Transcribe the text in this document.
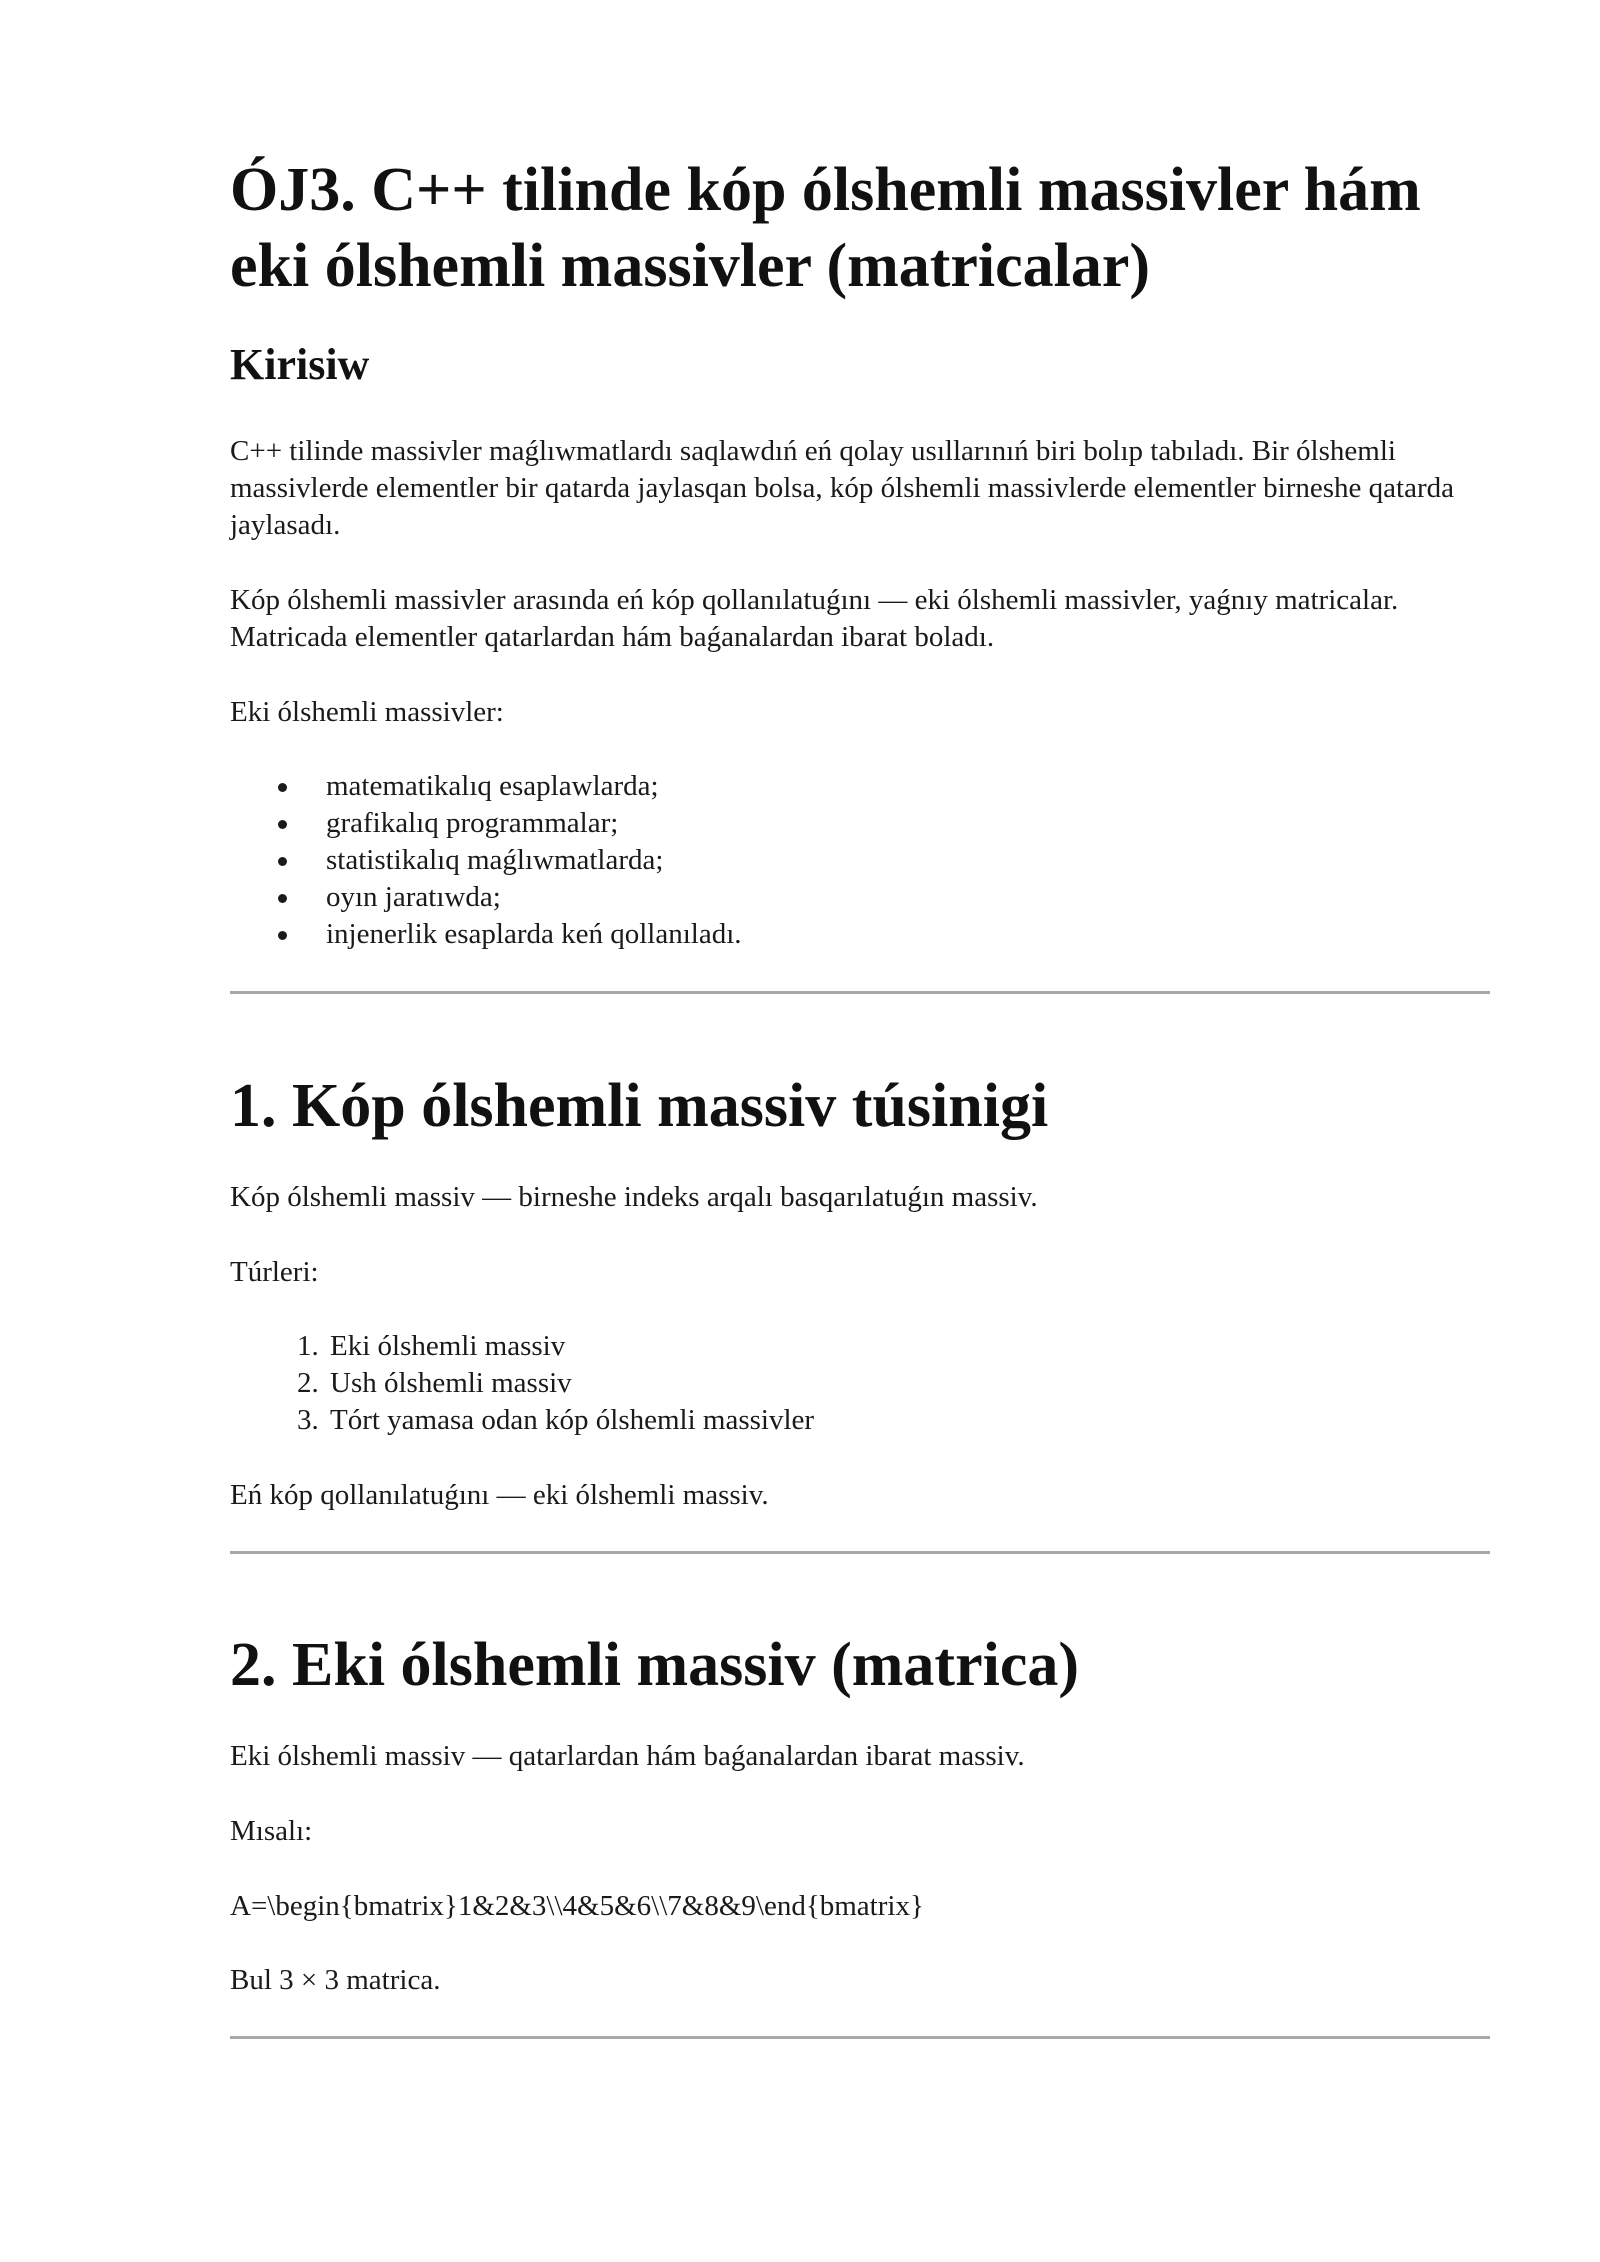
ÓJ3. C++ tilinde kóp ólshemli massivler hám eki ólshemli massivler (matricalar)
Kirisiw

C++ tilinde massivler maǵlıwmatlardı saqlawdıń eń qolay usıllarınıń biri bolıp tabıladı. Bir ólshemli massivlerde elementler bir qatarda jaylasqan bolsa, kóp ólshemli massivlerde elementler birneshe qatarda jaylasadı.

Kóp ólshemli massivler arasında eń kóp qollanılatuǵını — eki ólshemli massivler, yaǵnıy matricalar. Matricada elementler qatarlardan hám baǵanalardan ibarat boladı.

Eki ólshemli massivler:

matematikalıq esaplawlarda;
grafikalıq programmalar;
statistikalıq maǵlıwmatlarda;
oyın jaratıwda;
injenerlik esaplarda keń qollanıladı.
1. Kóp ólshemli massiv túsinigi

Kóp ólshemli massiv — birneshe indeks arqalı basqarılatuǵın massiv.

Túrleri:

1. Eki ólshemli massiv
2. Ush ólshemli massiv
3. Tórt yamasa odan kóp ólshemli massivler

Eń kóp qollanılatuǵını — eki ólshemli massiv.

2. Eki ólshemli massiv (matrica)

Eki ólshemli massiv — qatarlardan hám baǵanalardan ibarat massiv.

Mısalı:

A=\begin{bmatrix}1&2&3\\4&5&6\\7&8&9\end{bmatrix}

Bul 3 × 3 matrica.
